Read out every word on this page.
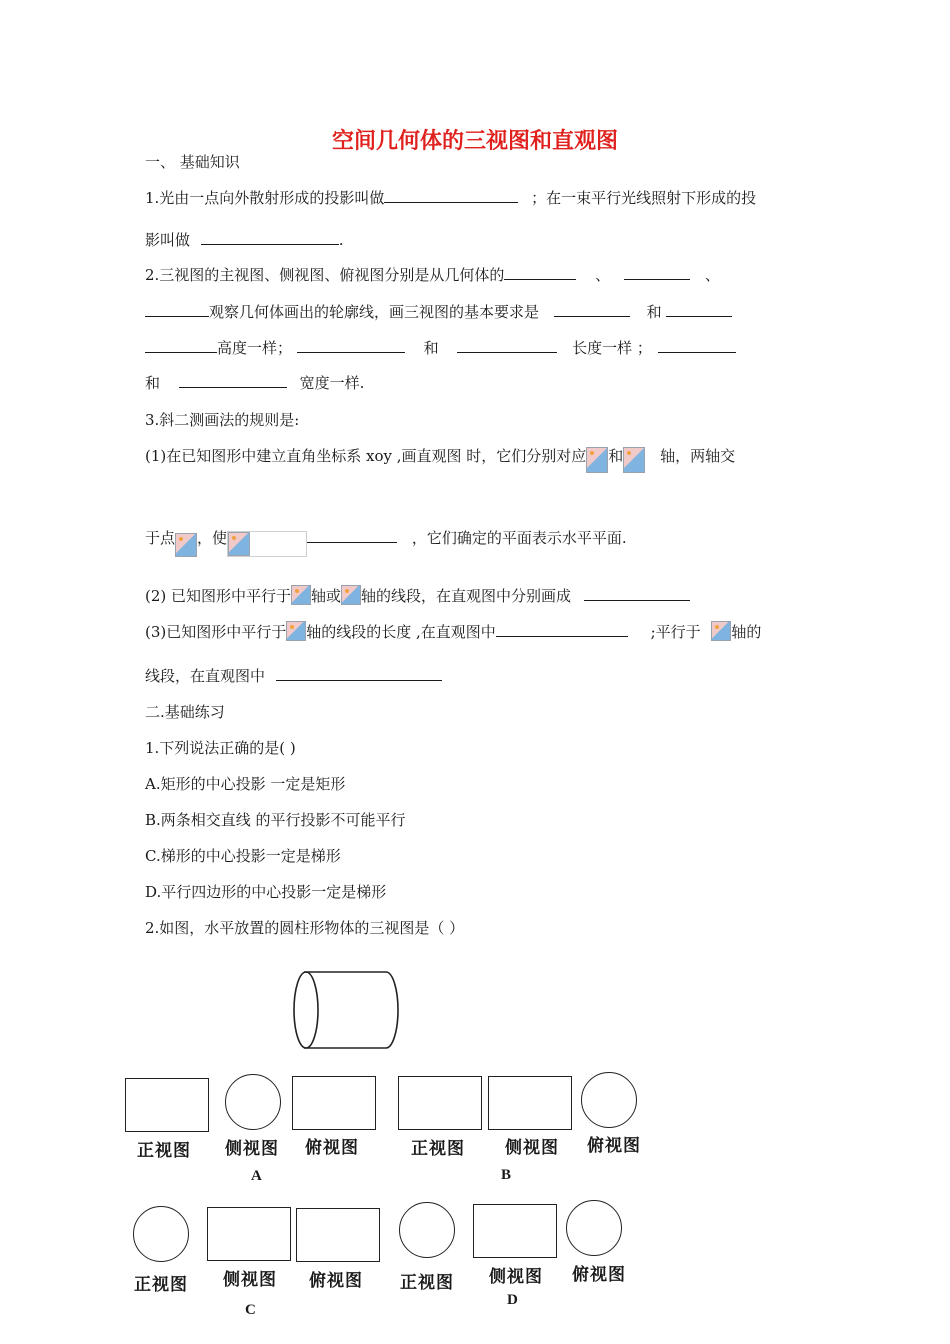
空间几何体的三视图和直观图
一、 基础知识
1.光由一点向外散射形成的投影叫做	；在一束平行光线照射下形成的投
影叫做	.
2.三视图的主视图、侧视图、俯视图分别是从几何体的	、	、
观察几何体画出的轮廓线，画三视图的基本要求是	和
高度一样；	和	长度一样 ；
和	宽度一样.
3.斜二测画法的规则是:
(1)在已知图形中建立直角坐标系 xoy ,画直观图 时，它们分别对应 和 轴，两轴交
于点 ，使	，它们确定的平面表示水平平面.
(2) 已知图形中平行于 轴或 轴的线段，在直观图中分别画成
(3)已知图形中平行于 轴的线段的长度 ,在直观图中	;平行于 轴的
线段，在直观图中
二.基础练习
1.下列说法正确的是( )
A.矩形的中心投影 一定是矩形
B.两条相交直线 的平行投影不可能平行
C.梯形的中心投影一定是梯形
D.平行四边形的中心投影一定是梯形
2.如图，水平放置的圆柱形物体的三视图是（ ）
正视图 侧视图 俯视图
A
正视图 侧视图 俯视图
B
正视图 侧视图 俯视图
C
正视图 侧视图 俯视图
D
